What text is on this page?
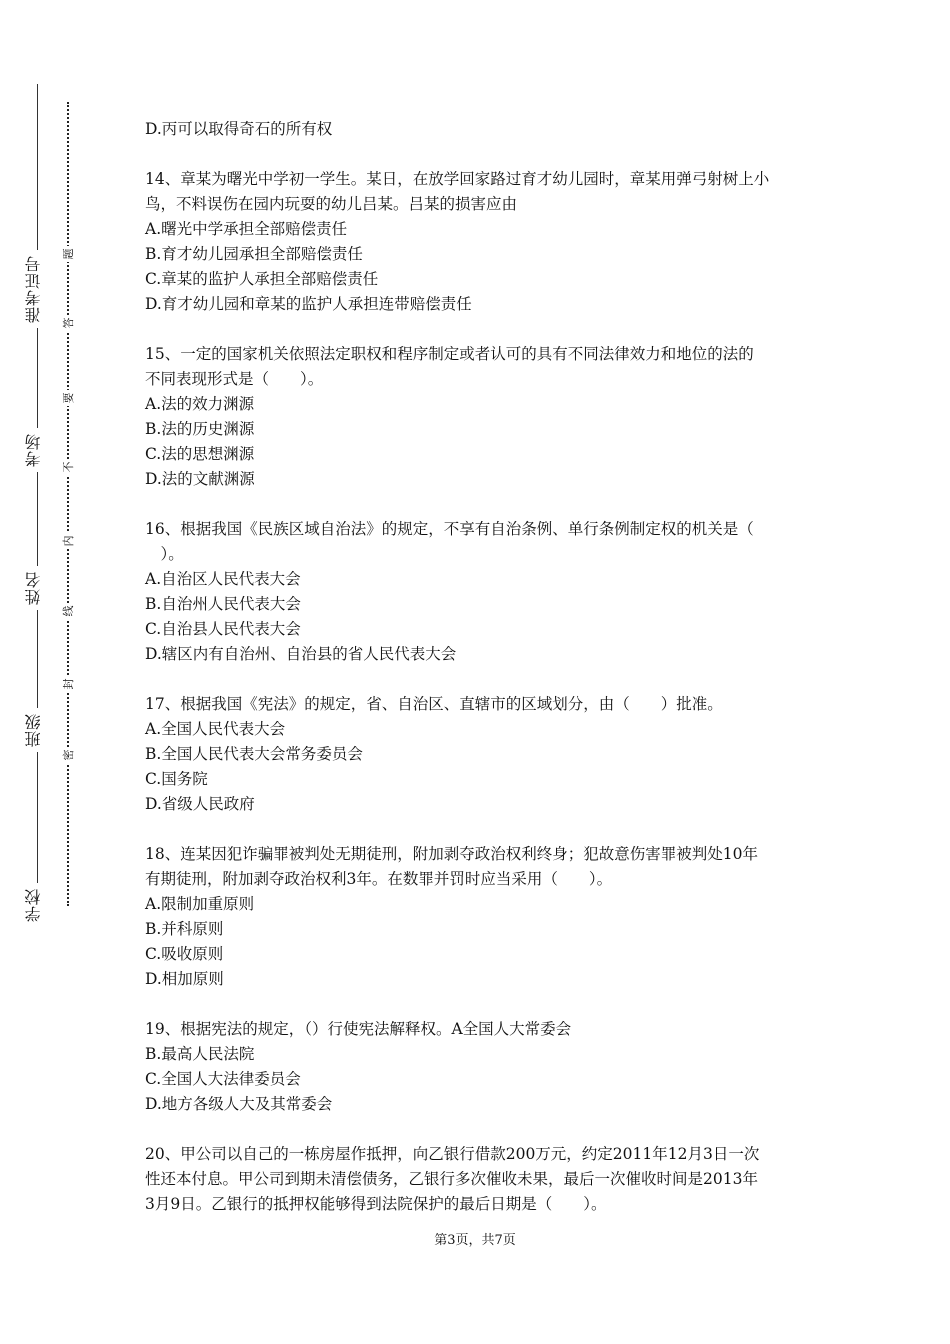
准考证号
考场
姓名
班级
学校
题
答
要
不
内
线
封
密
D.丙可以取得奇石的所有权
14、章某为曙光中学初一学生。某日，在放学回家路过育才幼儿园时，章某用弹弓射树上小
鸟，不料误伤在园内玩耍的幼儿吕某。吕某的损害应由
A.曙光中学承担全部赔偿责任
B.育才幼儿园承担全部赔偿责任
C.章某的监护人承担全部赔偿责任
D.育才幼儿园和章某的监护人承担连带赔偿责任
15、一定的国家机关依照法定职权和程序制定或者认可的具有不同法律效力和地位的法的
不同表现形式是（　　）。
A.法的效力渊源
B.法的历史渊源
C.法的思想渊源
D.法的文献渊源
16、根据我国《民族区域自治法》的规定，不享有自治条例、单行条例制定权的机关是（
　）。
A.自治区人民代表大会
B.自治州人民代表大会
C.自治县人民代表大会
D.辖区内有自治州、自治县的省人民代表大会
17、根据我国《宪法》的规定，省、自治区、直辖市的区域划分，由（　　）批准。
A.全国人民代表大会
B.全国人民代表大会常务委员会
C.国务院
D.省级人民政府
18、连某因犯诈骗罪被判处无期徒刑，附加剥夺政治权利终身；犯故意伤害罪被判处10年
有期徒刑，附加剥夺政治权利3年。在数罪并罚时应当采用（　　）。
A.限制加重原则
B.并科原则
C.吸收原则
D.相加原则
19、根据宪法的规定，（）行使宪法解释权。A全国人大常委会
B.最高人民法院
C.全国人大法律委员会
D.地方各级人大及其常委会
20、甲公司以自己的一栋房屋作抵押，向乙银行借款200万元，约定2011年12月3日一次
性还本付息。甲公司到期未清偿债务，乙银行多次催收未果，最后一次催收时间是2013年
3月9日。乙银行的抵押权能够得到法院保护的最后日期是（　　）。
第3页，共7页
